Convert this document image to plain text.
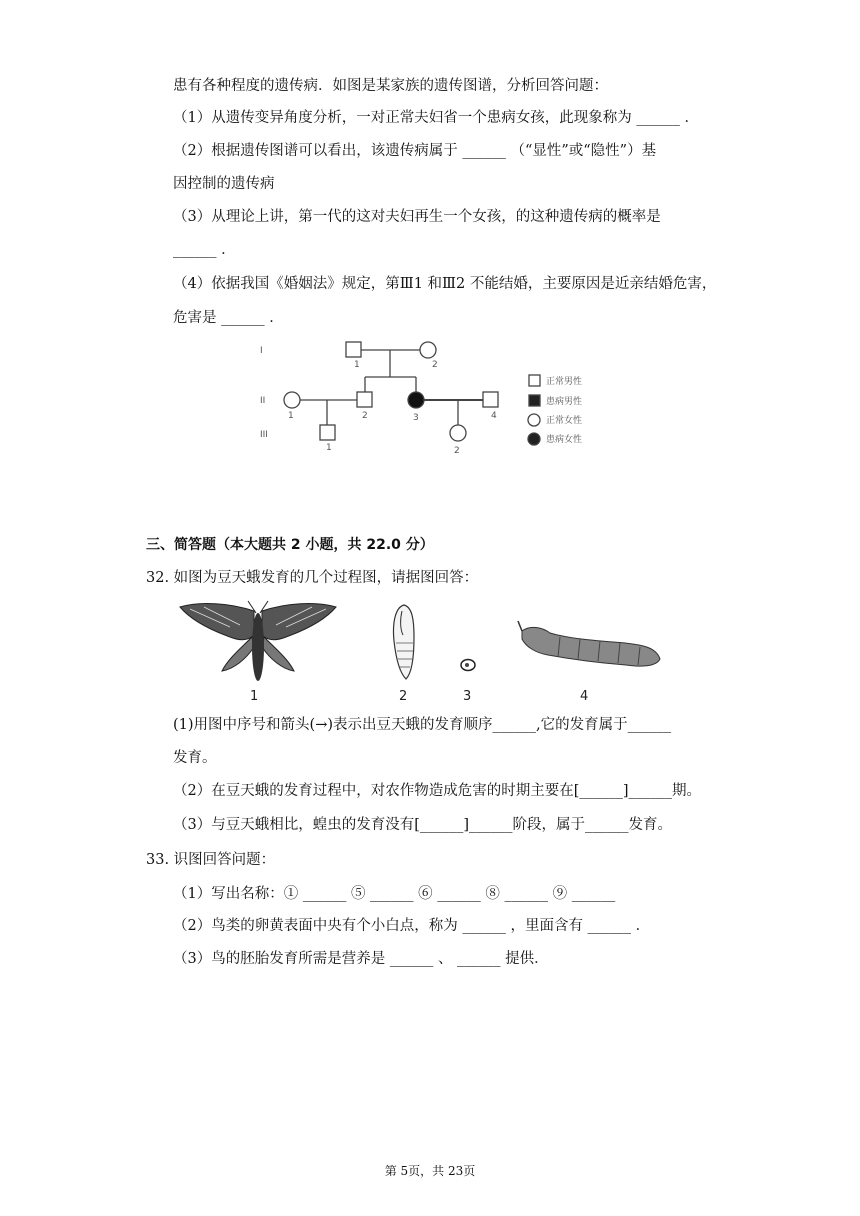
患有各种程度的遗传病．如图是某家族的遗传图谱，分析回答问题：
（1）从遗传变异角度分析，一对正常夫妇省一个患病女孩，此现象称为 ______ ．
（2）根据遗传图谱可以看出，该遗传病属于 ______ （“显性”或“隐性”）基
因控制的遗传病
（3）从理论上讲，第一代的这对夫妇再生一个女孩，的这种遗传病的概率是
______ ．
（4）依据我国《婚姻法》规定，第Ⅲ1 和Ⅲ2 不能结婚，主要原因是近亲结婚危害，
危害是 ______ ．
I
II
III
1	2
1	2	3	4
1	2
正常男性
患病男性
正常女性
患病女性
三、简答题（本大题共 2 小题，共 22.0 分）
32. 如图为豆天蛾发育的几个过程图，请据图回答：
1	2	3	4
(1)用图中序号和箭头(→)表示出豆天蛾的发育顺序______,它的发育属于______
发育。
（2）在豆天蛾的发育过程中，对农作物造成危害的时期主要在[______]______期。
（3）与豆天蛾相比，蝗虫的发育没有[______]______阶段，属于______发育。
33. 识图回答问题：
（1）写出名称：① ______ ⑤ ______ ⑥ ______ ⑧ ______ ⑨ ______
（2）鸟类的卵黄表面中央有个小白点，称为 ______ ，里面含有 ______ ．
（3）鸟的胚胎发育所需是营养是 ______ 、 ______ 提供．
第 5页，共 23页
